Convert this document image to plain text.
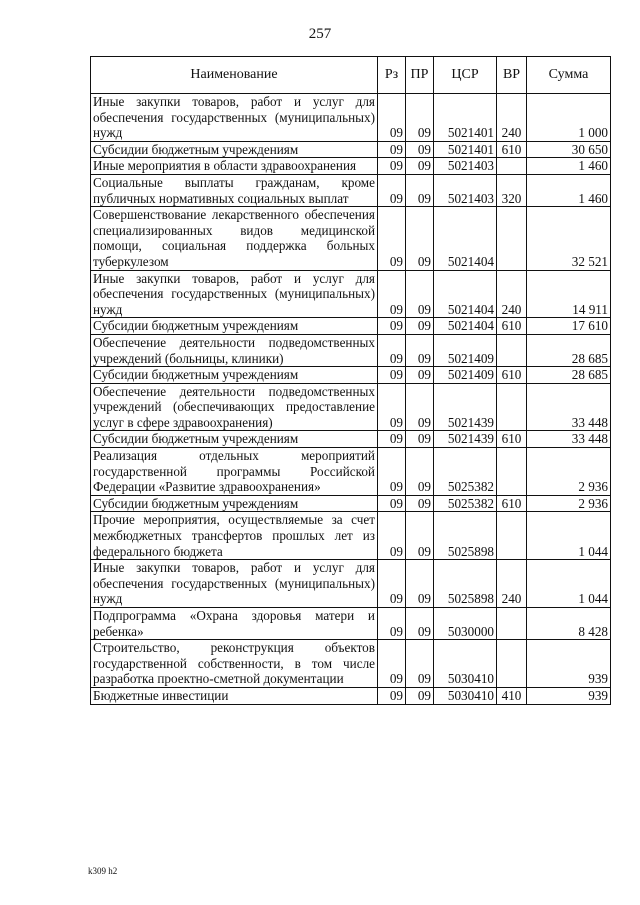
257
Наименование	Рз	ПР	ЦСР	ВР	Сумма
Иные закупки товаров, работ и услуг для обеспечения государственных (муниципальных) нужд	09	09	5021401	240	1 000
Субсидии бюджетным учреждениям	09	09	5021401	610	30 650
Иные мероприятия в области здравоохранения	09	09	5021403		1 460
Социальные выплаты гражданам, кроме публичных нормативных социальных выплат	09	09	5021403	320	1 460
Совершенствование лекарственного обеспечения специализированных видов медицинской помощи, социальная поддержка больных туберкулезом	09	09	5021404		32 521
Иные закупки товаров, работ и услуг для обеспечения государственных (муниципальных) нужд	09	09	5021404	240	14 911
Субсидии бюджетным учреждениям	09	09	5021404	610	17 610
Обеспечение деятельности подведомственных учреждений (больницы, клиники)	09	09	5021409		28 685
Субсидии бюджетным учреждениям	09	09	5021409	610	28 685
Обеспечение деятельности подведомственных учреждений (обеспечивающих предоставление услуг в сфере здравоохранения)	09	09	5021439		33 448
Субсидии бюджетным учреждениям	09	09	5021439	610	33 448
Реализация отдельных мероприятий государственной программы Российской Федерации «Развитие здравоохранения»	09	09	5025382		2 936
Субсидии бюджетным учреждениям	09	09	5025382	610	2 936
Прочие мероприятия, осуществляемые за счет межбюджетных трансфертов прошлых лет из федерального бюджета	09	09	5025898		1 044
Иные закупки товаров, работ и услуг для обеспечения государственных (муниципальных) нужд	09	09	5025898	240	1 044
Подпрограмма «Охрана здоровья матери и ребенка»	09	09	5030000		8 428
Строительство, реконструкция объектов государственной собственности, в том числе разработка проектно-сметной документации	09	09	5030410		939
Бюджетные инвестиции	09	09	5030410	410	939
k309 h2
